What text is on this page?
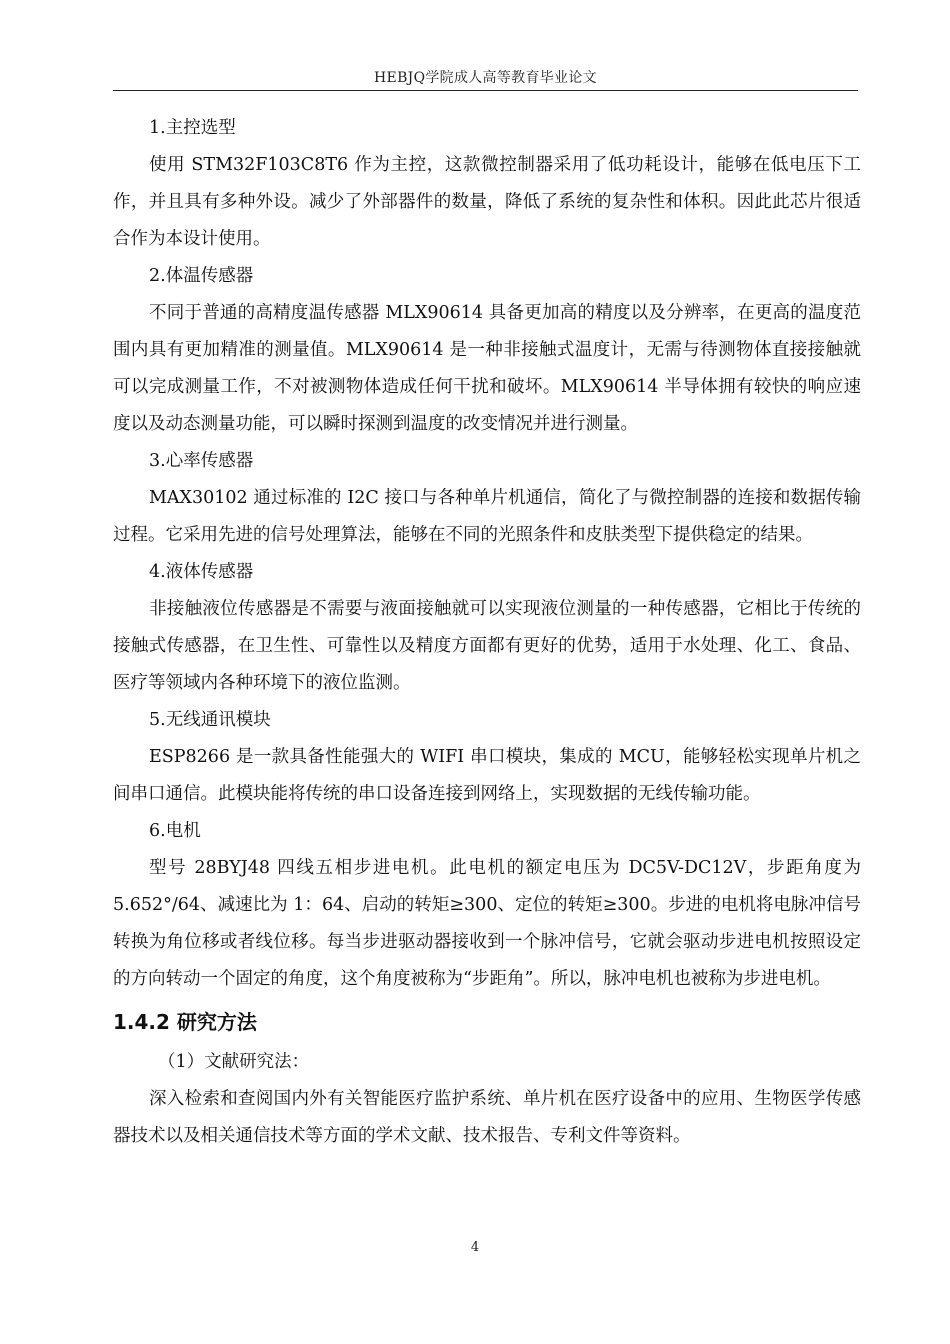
HEBJQ学院成人高等教育毕业论文

1.主控选型

使用 STM32F103C8T6 作为主控，这款微控制器采用了低功耗设计，能够在低电压下工作，并且具有多种外设。减少了外部器件的数量，降低了系统的复杂性和体积。因此此芯片很适合作为本设计使用。

2.体温传感器

不同于普通的高精度温传感器 MLX90614 具备更加高的精度以及分辨率，在更高的温度范围内具有更加精准的测量值。MLX90614 是一种非接触式温度计，无需与待测物体直接接触就可以完成测量工作，不对被测物体造成任何干扰和破坏。MLX90614 半导体拥有较快的响应速度以及动态测量功能，可以瞬时探测到温度的改变情况并进行测量。

3.心率传感器

MAX30102 通过标准的 I2C 接口与各种单片机通信，简化了与微控制器的连接和数据传输过程。它采用先进的信号处理算法，能够在不同的光照条件和皮肤类型下提供稳定的结果。

4.液体传感器

非接触液位传感器是不需要与液面接触就可以实现液位测量的一种传感器，它相比于传统的接触式传感器，在卫生性、可靠性以及精度方面都有更好的优势，适用于水处理、化工、食品、医疗等领域内各种环境下的液位监测。

5.无线通讯模块

ESP8266 是一款具备性能强大的 WIFI 串口模块，集成的 MCU，能够轻松实现单片机之间串口通信。此模块能将传统的串口设备连接到网络上，实现数据的无线传输功能。

6.电机

型号 28BYJ48 四线五相步进电机。此电机的额定电压为 DC5V-DC12V，步距角度为 5.652°/64、减速比为 1：64、启动的转矩≥300、定位的转矩≥300。步进的电机将电脉冲信号转换为角位移或者线位移。每当步进驱动器接收到一个脉冲信号，它就会驱动步进电机按照设定的方向转动一个固定的角度，这个角度被称为“步距角”。所以，脉冲电机也被称为步进电机。

1.4.2 研究方法

（1）文献研究法：

深入检索和查阅国内外有关智能医疗监护系统、单片机在医疗设备中的应用、生物医学传感器技术以及相关通信技术等方面的学术文献、技术报告、专利文件等资料。

4
